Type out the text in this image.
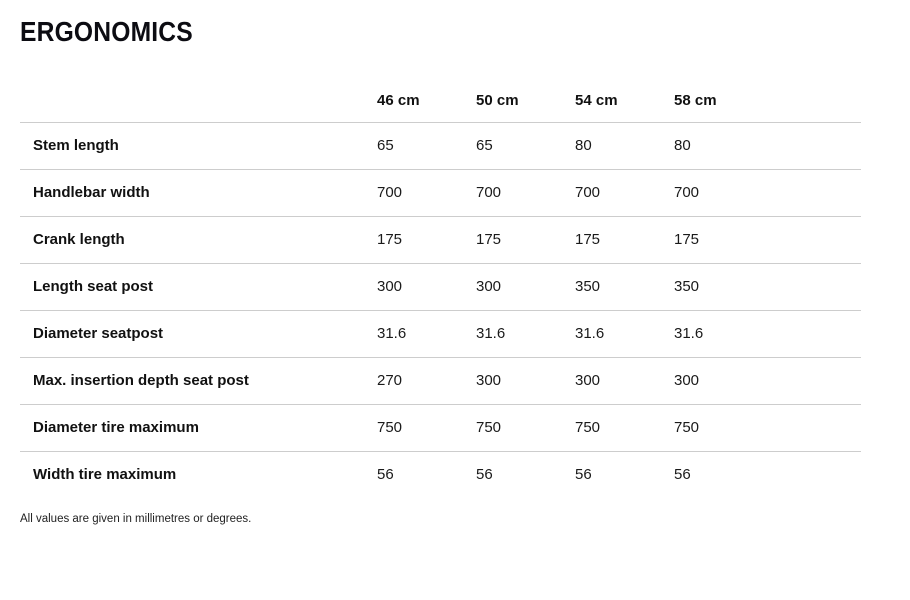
ERGONOMICS
	46 cm	50 cm	54 cm	58 cm	
Stem length	65	65	80	80	
Handlebar width	700	700	700	700	
Crank length	175	175	175	175	
Length seat post	300	300	350	350	
Diameter seatpost	31.6	31.6	31.6	31.6	
Max. insertion depth seat post	270	300	300	300	
Diameter tire maximum	750	750	750	750	
Width tire maximum	56	56	56	56	

All values are given in millimetres or degrees.
